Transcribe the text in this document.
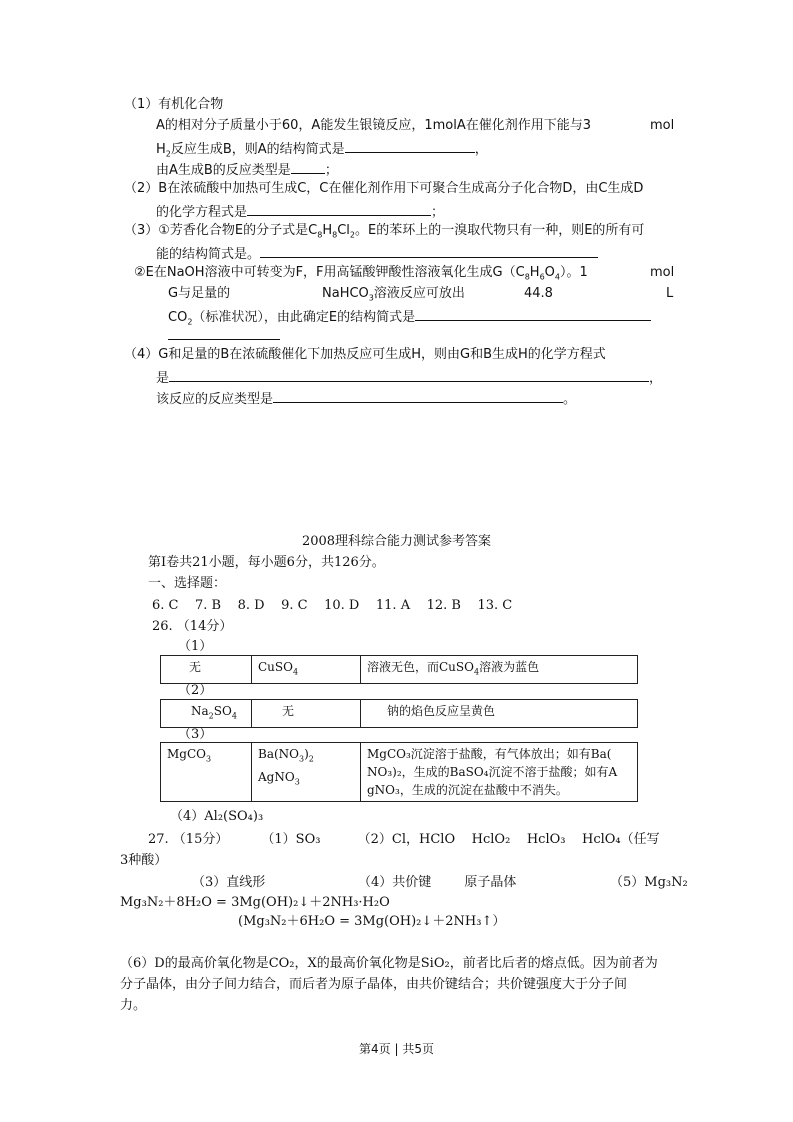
（1）有机化合物
A的相对分子质量小于60，A能发生银镜反应，1molA在催化剂作用下能与3	mol
$H_2$反应生成B，则A的结构简式是	，
由A生成B的反应类型是	；
（2）B在浓硫酸中加热可生成C，C在催化剂作用下可聚合生成高分子化合物D，由C生成D
的化学方程式是	；
（3）①芳香化合物E的分子式是$C_8H_8Cl_2$。E的苯环上的一溴取代物只有一种，则E的所有可
能的结构简式是。
②E在NaOH溶液中可转变为F，F用高锰酸钾酸性溶液氧化生成$G(C_8H_6O_4)$。1	mol
G与足量的	NaHCO$_3$溶液反应可放出	44.8	L
$CO_2$（标准状况），由此确定E的结构简式是
（4）G和足量的B在浓硫酸催化下加热反应可生成H，则由G和B生成H的化学方程式
是	，
该反应的反应类型是	。
2008理科综合能力测试参考答案
第Ⅰ卷共21小题，每小题6分，共126分。
一、选择题：
6. C    7. B    8. D    9. C    10. D    11. A    12. B    13. C
26. （14分）
（1）
无	CuSO$_4$	溶液无色，而CuSO$_4$溶液为蓝色
（2）
$Na_2SO_4$	无	钠的焰色反应呈黄色
（3）
MgCO$_3$	$Ba(NO_3)_2$ AgNO$_3$	
MgCO₃沉淀溶于盐酸，有气体放出；如有Ba(
NO₃)₂，生成的BaSO₄沉淀不溶于盐酸；如有A
gNO₃，生成的沉淀在盐酸中不消失。
（4）Al₂(SO₄)₃
27. （15分）        （1）SO₃         （2）Cl，HClO    HclO₂    HclO₃    HclO₄（任写
3种酸）
（3）直线形	（4）共价键        原子晶体	（5）Mg₃N₂
Mg₃N₂＋8H₂O = 3Mg(OH)₂↓＋2NH₃·H₂O
(Mg₃N₂＋6H₂O = 3Mg(OH)₂↓＋2NH₃↑）
（6）D的最高价氧化物是CO₂，X的最高价氧化物是SiO₂，前者比后者的熔点低。因为前者为
分子晶体，由分子间力结合，而后者为原子晶体，由共价键结合；共价键强度大于分子间
力。
第4页 | 共5页
